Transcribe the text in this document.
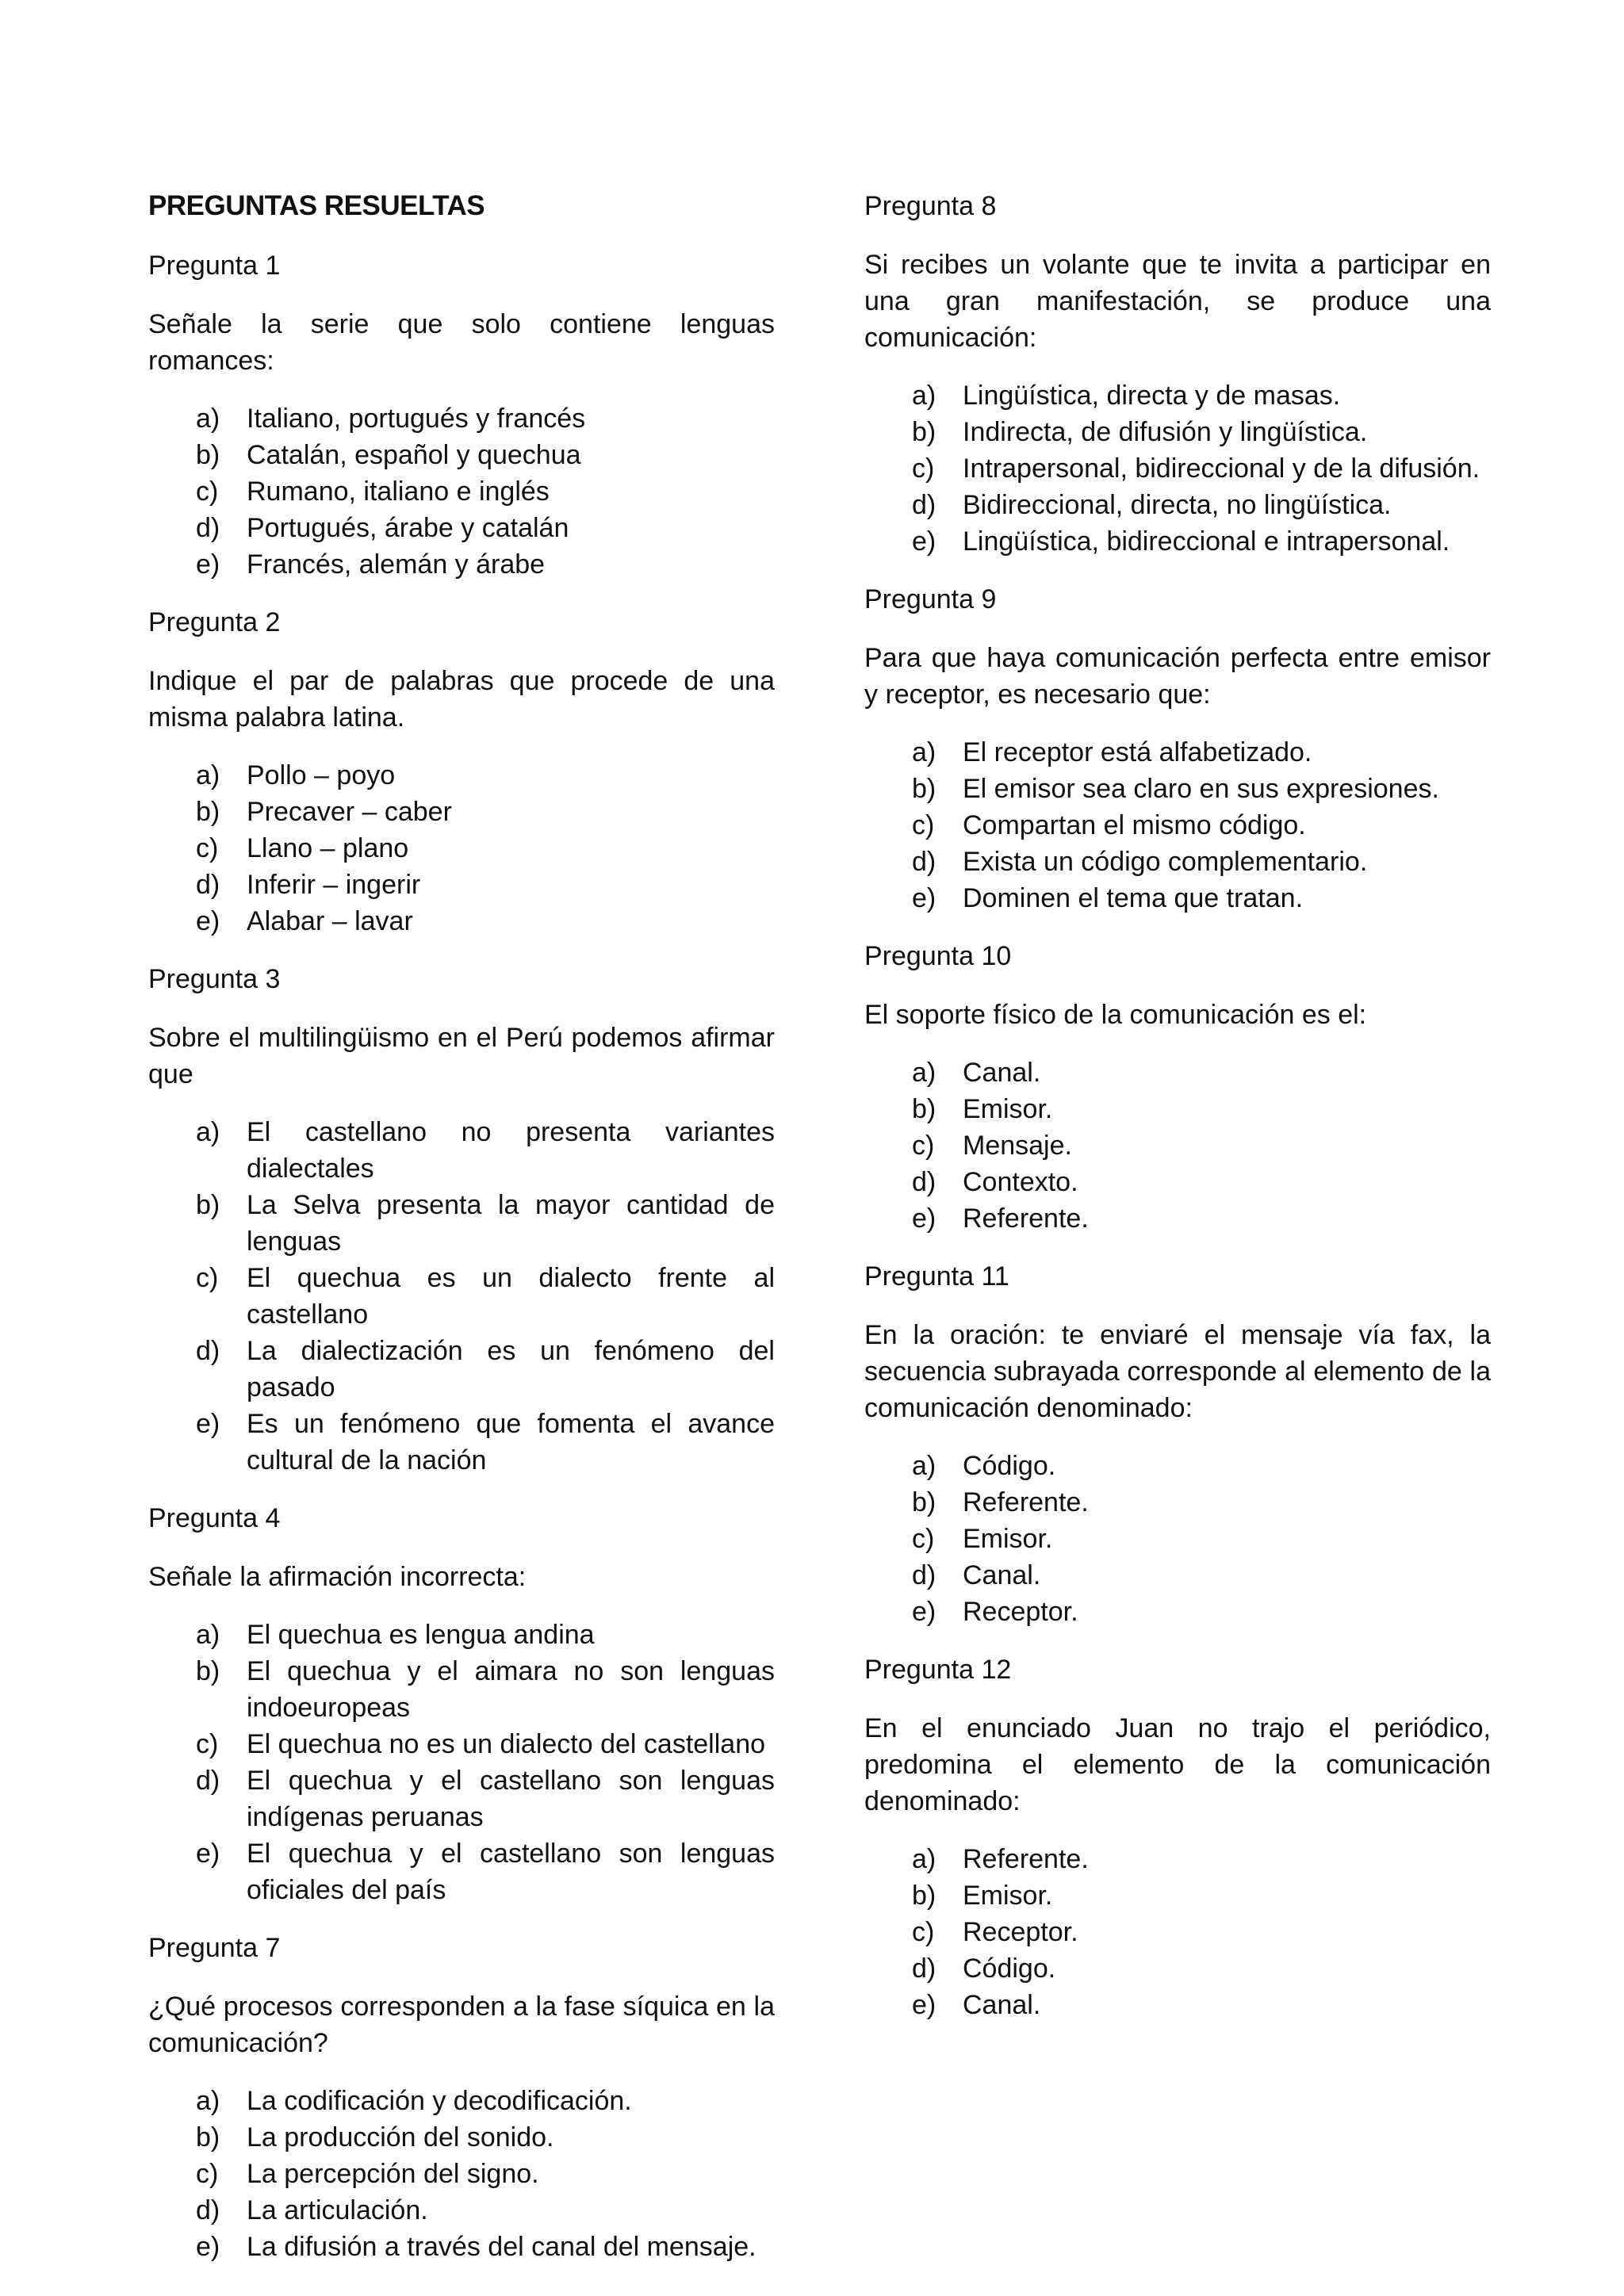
PREGUNTAS RESUELTAS
Pregunta 1
Señale la serie que solo contiene lenguas romances:
a) Italiano, portugués y francés
b) Catalán, español y quechua
c) Rumano, italiano e inglés
d) Portugués, árabe y catalán
e) Francés, alemán y árabe
Pregunta 2
Indique el par de palabras que procede de una misma palabra latina.
a) Pollo – poyo
b) Precaver – caber
c) Llano – plano
d) Inferir – ingerir
e) Alabar – lavar
Pregunta 3
Sobre el multilingüismo en el Perú podemos afirmar que
a) El castellano no presenta variantes dialectales
b) La Selva presenta la mayor cantidad de lenguas
c) El quechua es un dialecto frente al castellano
d) La dialectización es un fenómeno del pasado
e) Es un fenómeno que fomenta el avance cultural de la nación
Pregunta 4
Señale la afirmación incorrecta:
a) El quechua es lengua andina
b) El quechua y el aimara no son lenguas indoeuropeas
c) El quechua no es un dialecto del castellano
d) El quechua y el castellano son lenguas indígenas peruanas
e) El quechua y el castellano son lenguas oficiales del país
Pregunta 7
¿Qué procesos corresponden a la fase síquica en la comunicación?
a) La codificación y decodificación.
b) La producción del sonido.
c) La percepción del signo.
d) La articulación.
e) La difusión a través del canal del mensaje.
Pregunta 8
Si recibes un volante que te invita a participar en una gran manifestación, se produce una comunicación:
a) Lingüística, directa y de masas.
b) Indirecta, de difusión y lingüística.
c) Intrapersonal, bidireccional y de la difusión.
d) Bidireccional, directa, no lingüística.
e) Lingüística, bidireccional e intrapersonal.
Pregunta 9
Para que haya comunicación perfecta entre emisor y receptor, es necesario que:
a) El receptor está alfabetizado.
b) El emisor sea claro en sus expresiones.
c) Compartan el mismo código.
d) Exista un código complementario.
e) Dominen el tema que tratan.
Pregunta 10
El soporte físico de la comunicación es el:
a) Canal.
b) Emisor.
c) Mensaje.
d) Contexto.
e) Referente.
Pregunta 11
En la oración: te enviaré el mensaje vía fax, la secuencia subrayada corresponde al elemento de la comunicación denominado:
a) Código.
b) Referente.
c) Emisor.
d) Canal.
e) Receptor.
Pregunta 12
En el enunciado Juan no trajo el periódico, predomina el elemento de la comunicación denominado:
a) Referente.
b) Emisor.
c) Receptor.
d) Código.
e) Canal.
